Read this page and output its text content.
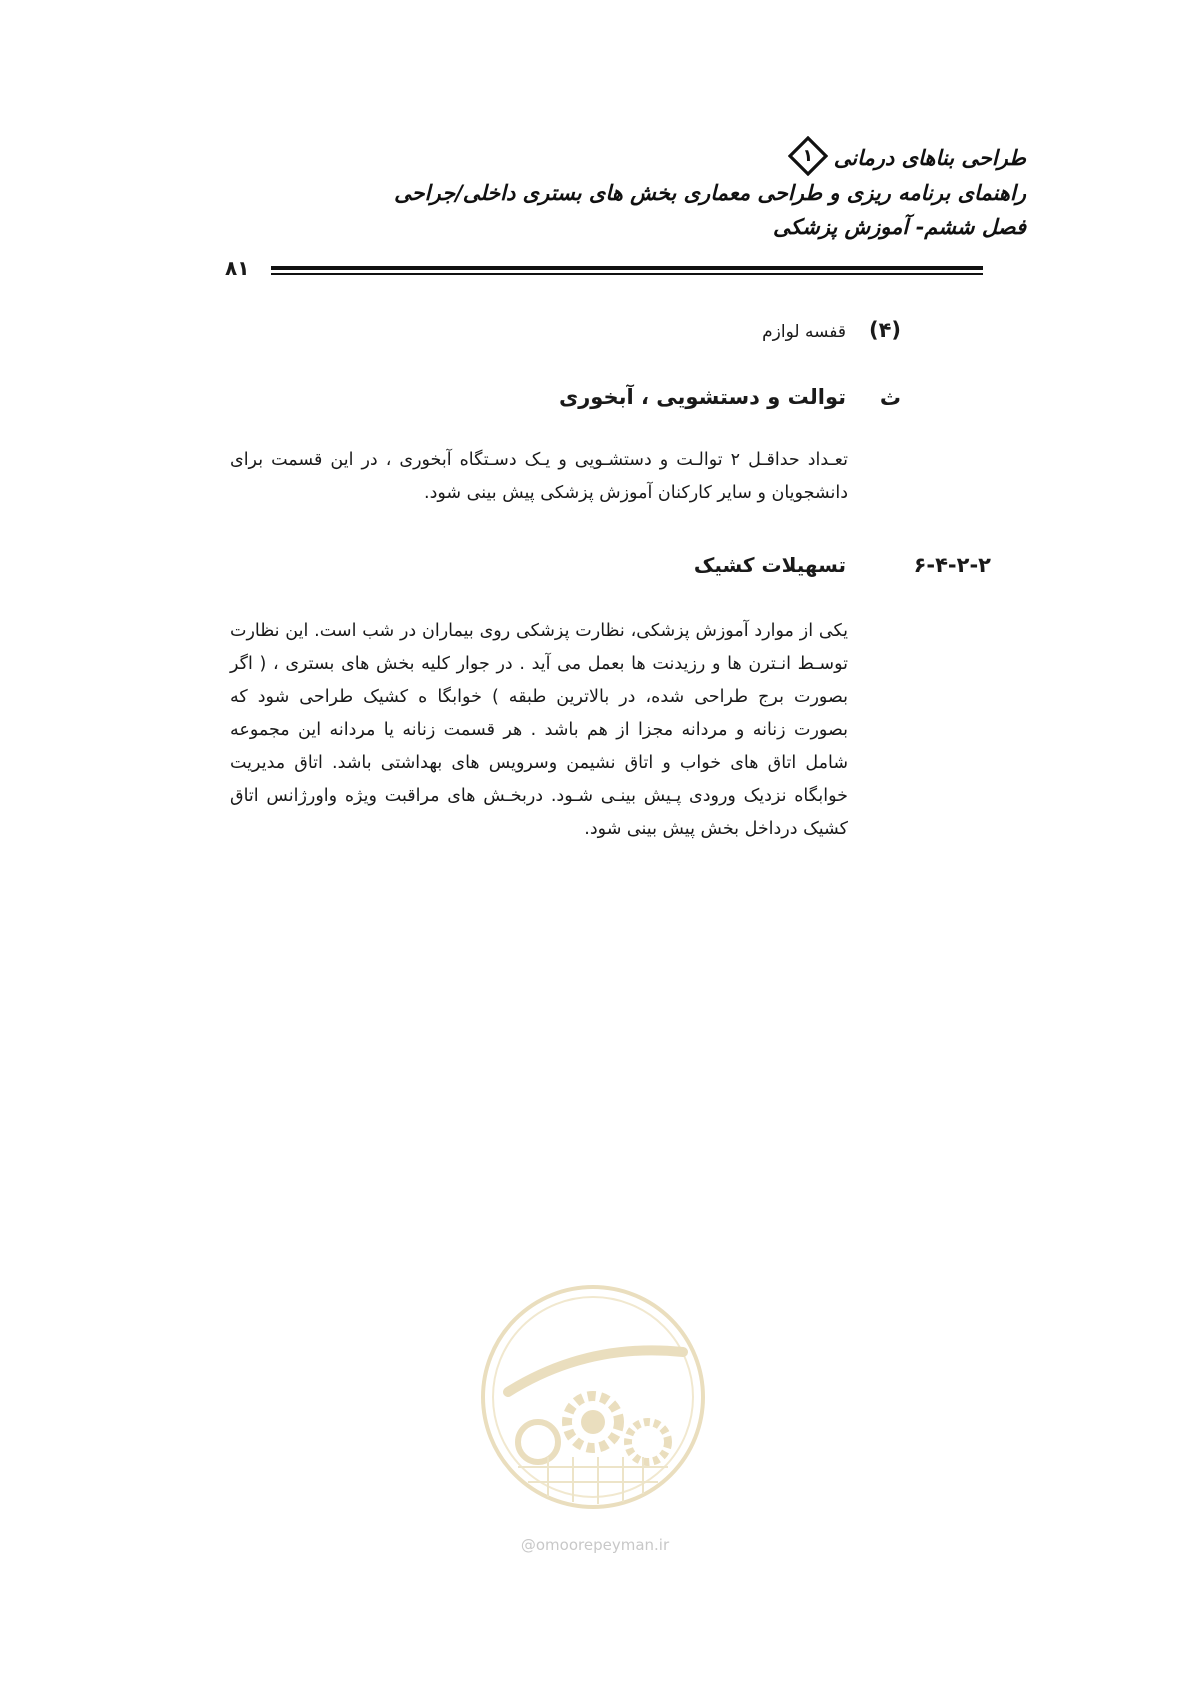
طراحی بناهای درمانی
۱
راهنمای برنامه ریزی و طراحی معماری بخش های بستری داخلی/جراحی
فصل ششم- آموزش پزشکی
۸۱
(۴)
قفسه لوازم
ث
توالت و دستشویی ، آبخوری

تعـداد حداقـل ۲ توالـت و دستشـویی و یـک دسـتگاه آبخوری ، در این قسمت برای دانشجویان و سایر کارکنان آموزش پزشکی پیش بینی شود.

۶-۴-۲-۲
تسهیلات کشیک

یکی از موارد آموزش پزشکی، نظارت پزشکی روی بیماران در شب است. این نظارت توسـط انـترن ها و رزیدنت ها بعمل می آید . در جوار کلیه بخش های بستری ، ( اگر بصورت برج طراحی شده، در بالاترین طبقه ) خوابگا ه کشیک طراحی شود که بصورت زنانه و مردانه مجزا از هم باشد . هر قسمت زنانه یا مردانه این مجموعه شامل اتاق های خواب و اتاق نشیمن وسرویس های بهداشتی باشد. اتاق مدیریت خوابگاه نزدیک ورودی پـیش بینـی شـود. دربخـش های مراقبت ویژه واورژانس اتاق کشیک درداخل بخش پیش بینی شود.

@omoorepeyman.ir
